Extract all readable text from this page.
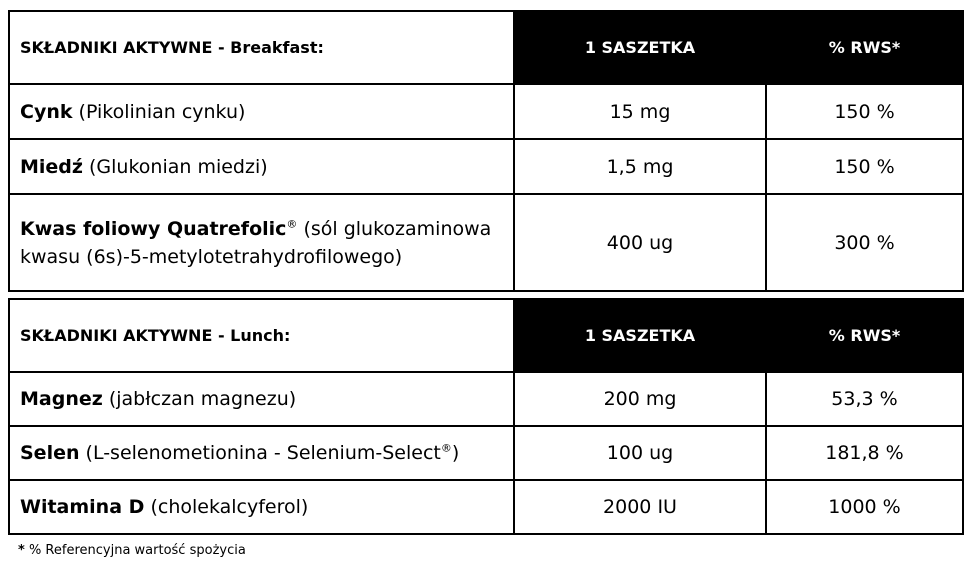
SKŁADNIKI AKTYWNE - Breakfast:	1 SASZETKA	% RWS*
Cynk (Pikolinian cynku)	15 mg	150 %
Miedź (Glukonian miedzi)	1,5 mg	150 %
Kwas foliowy Quatrefolic® (sól glukozaminowa kwasu (6s)-5-metylotetrahydrofilowego)	400 ug	300 %
SKŁADNIKI AKTYWNE - Lunch:	1 SASZETKA	% RWS*
Magnez (jabłczan magnezu)	200 mg	53,3 %
Selen (L-selenometionina - Selenium-Select®)	100 ug	181,8 %
Witamina D (cholekalcyferol)	2000 IU	1000 %
* % Referencyjna wartość spożycia
